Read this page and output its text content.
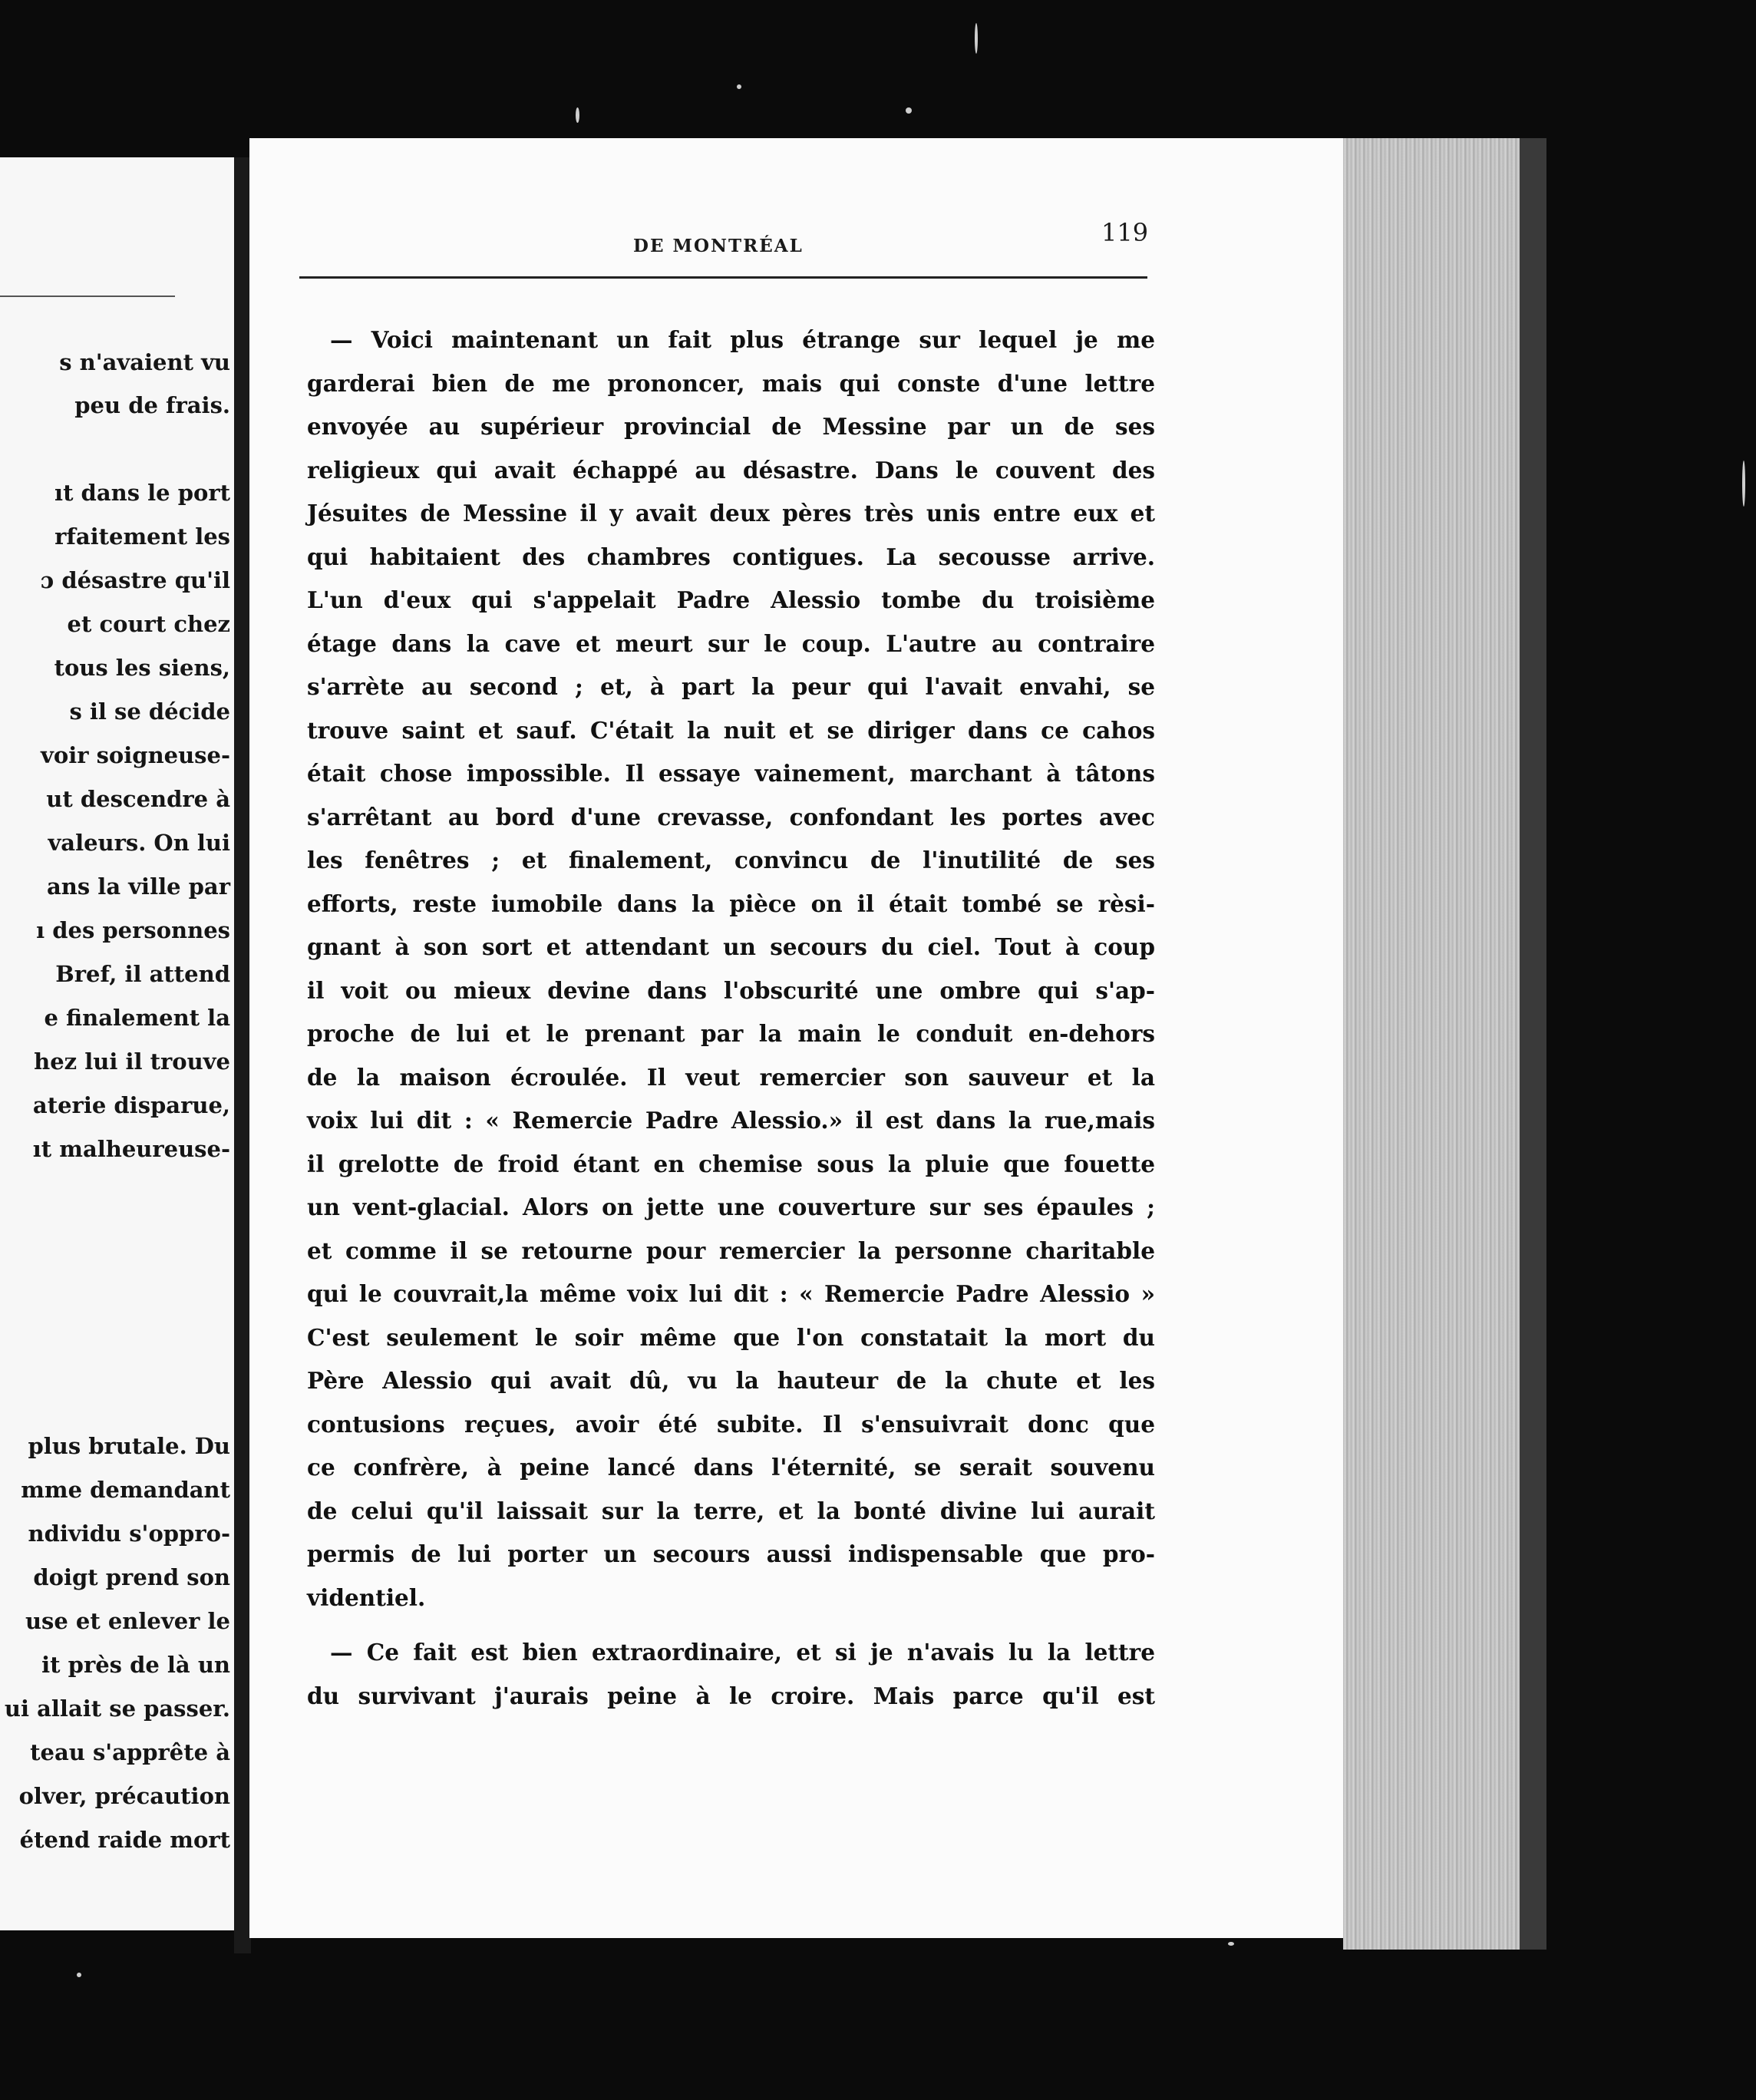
s n'avaient vu
peu de frais.
ıt dans le port
rfaitement les
ɔ désastre qu'il
et court chez
tous les siens,
s il se décide
voir soigneuse-
ut descendre à
valeurs. On lui
ans la ville par
ı des personnes
Bref, il attend
e finalement la
hez lui il trouve
aterie disparue,
ıt malheureuse-
plus brutale. Du
mme demandant
ndividu s'oppro-
doigt prend son
use et enlever le
it près de là un
ui allait se passer.
teau s'apprête à
olver, précaution
étend raide mort
DE MONTRÉAL	119
— Voici maintenant un fait plus étrange sur lequel je me
garderai bien de me prononcer, mais qui conste d'une lettre
envoyée au supérieur provincial de Messine par un de ses
religieux qui avait échappé au désastre. Dans le couvent des
Jésuites de Messine il y avait deux pères très unis entre eux et
qui habitaient des chambres contigues. La secousse arrive.
L'un d'eux qui s'appelait Padre Alessio tombe du troisième
étage dans la cave et meurt sur le coup. L'autre au contraire
s'arrète au second ; et, à part la peur qui l'avait envahi, se
trouve saint et sauf. C'était la nuit et se diriger dans ce cahos
était chose impossible. Il essaye vainement, marchant à tâtons
s'arrêtant au bord d'une crevasse, confondant les portes avec
les fenêtres ; et finalement, convincu de l'inutilité de ses
efforts, reste iumobile dans la pièce on il était tombé se rèsi-
gnant à son sort et attendant un secours du ciel. Tout à coup
il voit ou mieux devine dans l'obscurité une ombre qui s'ap-
proche de lui et le prenant par la main le conduit en-dehors
de la maison écroulée. Il veut remercier son sauveur et la
voix lui dit : « Remercie Padre Alessio.» il est dans la rue,mais
il grelotte de froid étant en chemise sous la pluie que fouette
un vent-glacial. Alors on jette une couverture sur ses épaules ;
et comme il se retourne pour remercier la personne charitable
qui le couvrait,la même voix lui dit : « Remercie Padre Alessio »
C'est seulement le soir même que l'on constatait la mort du
Père Alessio qui avait dû, vu la hauteur de la chute et les
contusions reçues, avoir été subite. Il s'ensuivrait donc que
ce confrère, à peine lancé dans l'éternité, se serait souvenu
de celui qu'il laissait sur la terre, et la bonté divine lui aurait
permis de lui porter un secours aussi indispensable que pro-
videntiel.
— Ce fait est bien extraordinaire, et si je n'avais lu la lettre
du survivant j'aurais peine à le croire. Mais parce qu'il est
